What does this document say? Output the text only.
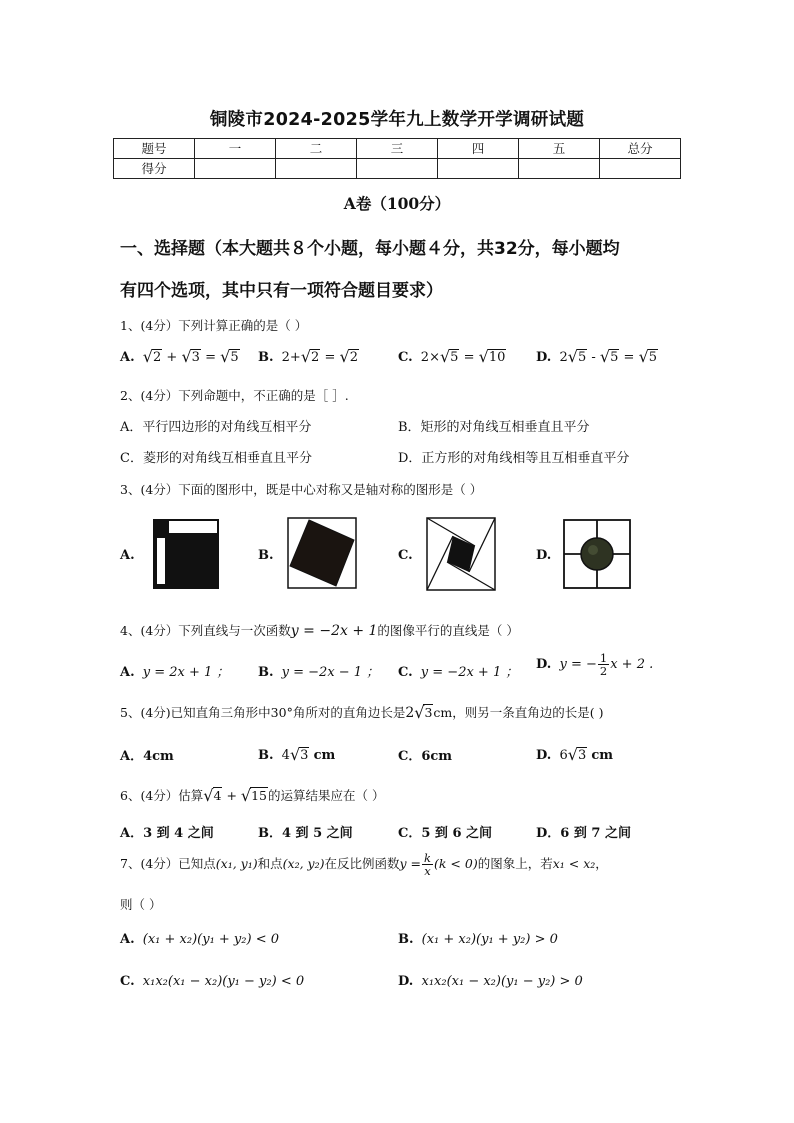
铜陵市2024-2025学年九上数学开学调研试题
题号	一	二	三	四	五	总分
得分						
A卷（100分）
一、选择题（本大题共８个小题，每小题４分，共32分，每小题均
有四个选项，其中只有一项符合题目要求）
1、(4分）下列计算正确的是（ ）
A. √2 + √3 = √5 B. 2+√2 = √2	C. 2×√5 = √10 D. 2√5 - √5 = √5
2、(4分）下列命题中，不正确的是［ ］.
A．平行四边形的对角线互相平分	B．矩形的对角线互相垂直且平分
C．菱形的对角线互相垂直且平分	D．正方形的对角线相等且互相垂直平分
3、(4分）下面的图形中，既是中心对称又是轴对称的图形是（ ）
A.	B.	C.	D.
4、(4分）下列直线与一次函数y = −2x + 1的图像平行的直线是（ ）
A. y = 2x + 1 ； B. y = −2x − 1 ； C. y = −2x + 1 ；
D. y = − $\frac{1}{2}$ x + 2 .
5、(4分)已知直角三角形中30°角所对的直角边长是2√3cm，则另一条直角边的长是( )
A．4cm	B. 4√3 cm	C．6cm	D. 6√3 cm
6、(4分）估算√4 + √15的运算结果应在（ ）
A．3 到 4 之间	B．4 到 5 之间	C．5 到 6 之间	D．6 到 7 之间
7、(4分）已知点(x₁, y₁)和点(x₂, y₂)在反比例函数$y = \frac{k}{x} (k < 0)$的图象上，若x₁ < x₂，
则（ ）
A. (x₁ + x₂)(y₁ + y₂) < 0	B. (x₁ + x₂)(y₁ + y₂) > 0
C. x₁x₂(x₁ − x₂)(y₁ − y₂) < 0	D. x₁x₂(x₁ − x₂)(y₁ − y₂) > 0
